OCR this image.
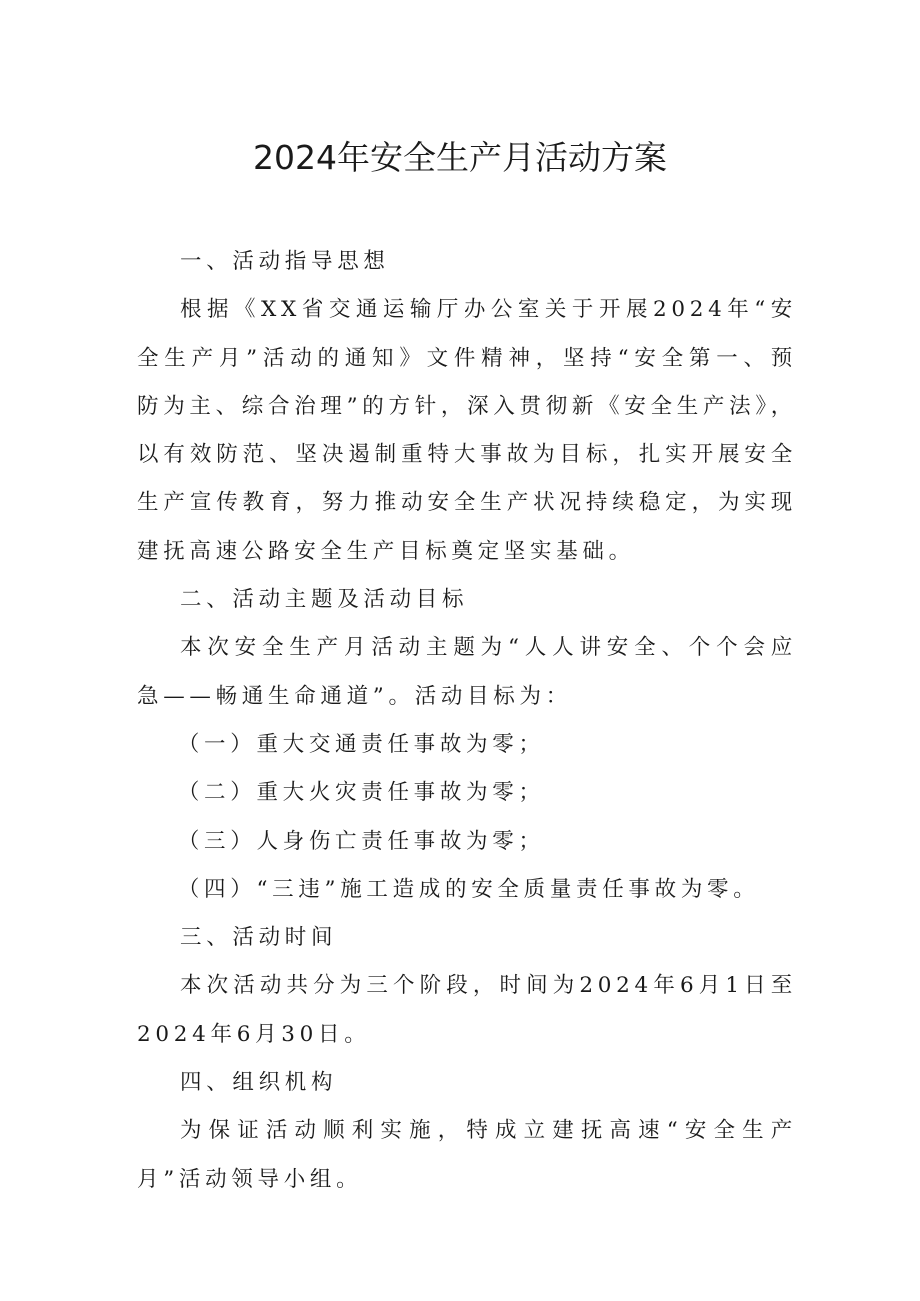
2024年安全生产月活动方案

一、活动指导思想

根据《XX省交通运输厅办公室关于开展2024年“安全生产月”活动的通知》文件精神，坚持“安全第一、预防为主、综合治理”的方针，深入贯彻新《安全生产法》，以有效防范、坚决遏制重特大事故为目标，扎实开展安全生产宣传教育，努力推动安全生产状况持续稳定，为实现建抚高速公路安全生产目标奠定坚实基础。

二、活动主题及活动目标

本次安全生产月活动主题为“人人讲安全、个个会应急——畅通生命通道”。活动目标为：

（一）重大交通责任事故为零；

（二）重大火灾责任事故为零；

（三）人身伤亡责任事故为零；

（四）“三违”施工造成的安全质量责任事故为零。

三、活动时间

本次活动共分为三个阶段，时间为2024年6月1日至2024年6月30日。

四、组织机构

为保证活动顺利实施，特成立建抚高速“安全生产月”活动领导小组。
